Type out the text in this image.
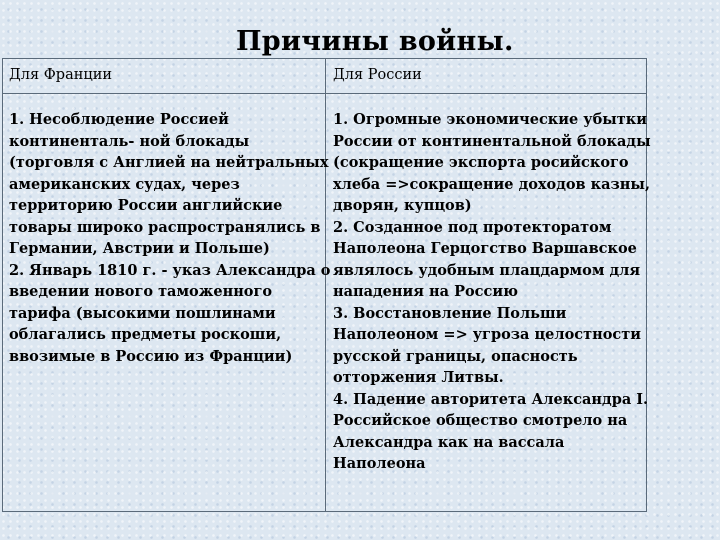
Причины войны.
Для Франции	Для России
1. Несоблюдение Россией
континенталь- ной блокады
(торговля с Англией на нейтральных
американских судах, через
территорию России английские
товары широко распространялись в
Германии, Австрии и Польше)
2. Январь 1810 г. - указ Александра о
введении нового таможенного
тарифа (высокими пошлинами
облагались предметы роскоши,
ввозимые в Россию из Франции)
1. Огромные экономические убытки
России от континентальной блокады
(сокращение экспорта росийского
хлеба =>сокращение доходов казны,
дворян, купцов)
2. Созданное под протекторатом
Наполеона Герцогство Варшавское
являлось удобным плацдармом для
нападения на Россию
3. Восстановление Польши
Наполеоном => угроза целостности
русской границы, опасность
отторжения Литвы.
4. Падение авторитета Александра I.
Российское общество смотрело на
Александра как на вассала
Наполеона
